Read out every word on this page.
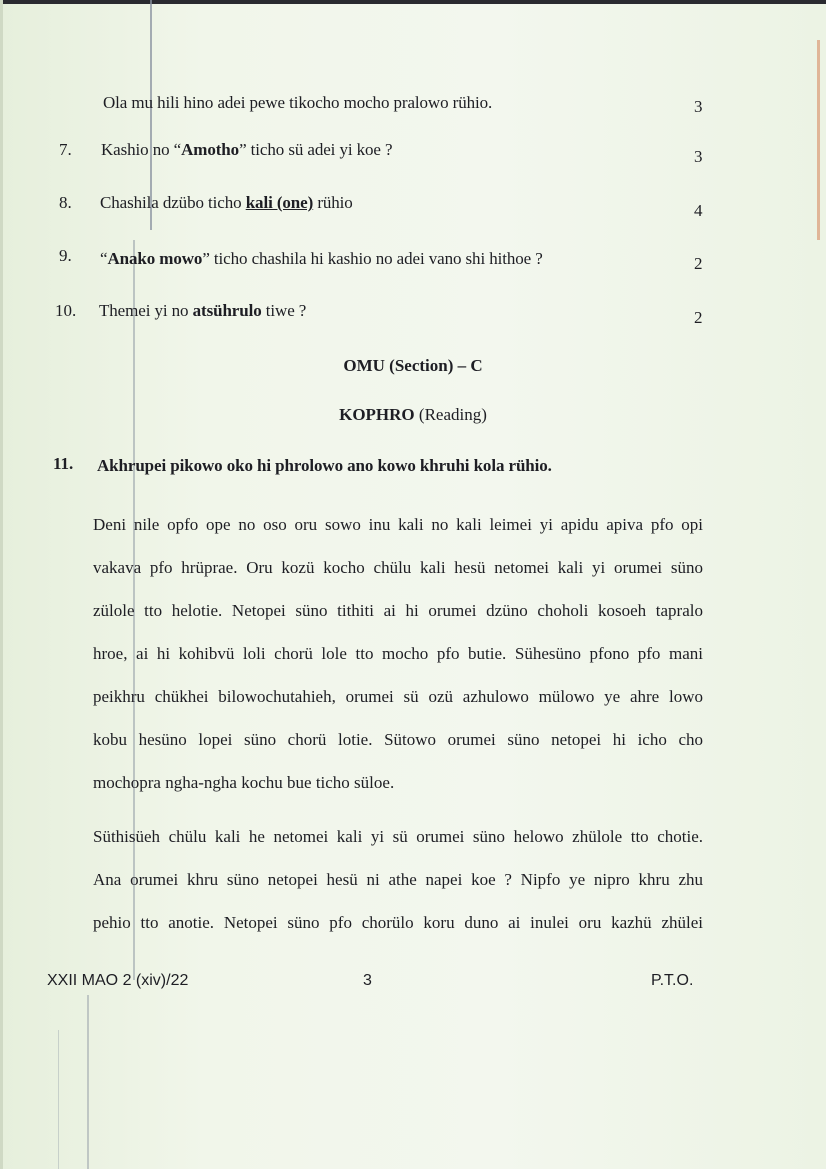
Ola mu hili hino adei pewe tikocho mocho pralowo rühio.	3
7. Kashio no “Amotho” ticho sü adei yi koe ?	3
8. Chashila dzübo ticho kali (one) rühio	4
9. “Anako mowo” ticho chashila hi kashio no adei vano shi hithoe ?	2
10. Themei yi no atsührulo tiwe ?	2
OMU (Section) – C
KOPHRO (Reading)
11. Akhrupei pikowo oko hi phrolowo ano kowo khruhi kola rühio.
Deni nile opfo ope no oso oru sowo inu kali no kali leimei yi apidu apiva pfo opi
vakava pfo hrüprae. Oru kozü kocho chülu kali hesü netomei kali yi orumei süno
zülole tto helotie. Netopei süno tithiti ai hi orumei dzüno choholi kosoeh tapralo
hroe, ai hi kohibvü loli chorü lole tto mocho pfo butie. Sühesüno pfono pfo mani
peikhru chükhei bilowochutahieh, orumei sü ozü azhulowo mülowo ye ahre lowo
kobu hesüno lopei süno chorü lotie. Sütowo orumei süno netopei hi icho cho
mochopra ngha-ngha kochu bue ticho süloe.
Süthisüeh chülu kali he netomei kali yi sü orumei süno helowo zhülole tto chotie.
Ana orumei khru süno netopei hesü ni athe napei koe ? Nipfo ye nipro khru zhu
pehio tto anotie. Netopei süno pfo chorülo koru duno ai inulei oru kazhü zhülei
XXII MAO 2 (xiv)/22	3	P.T.O.
